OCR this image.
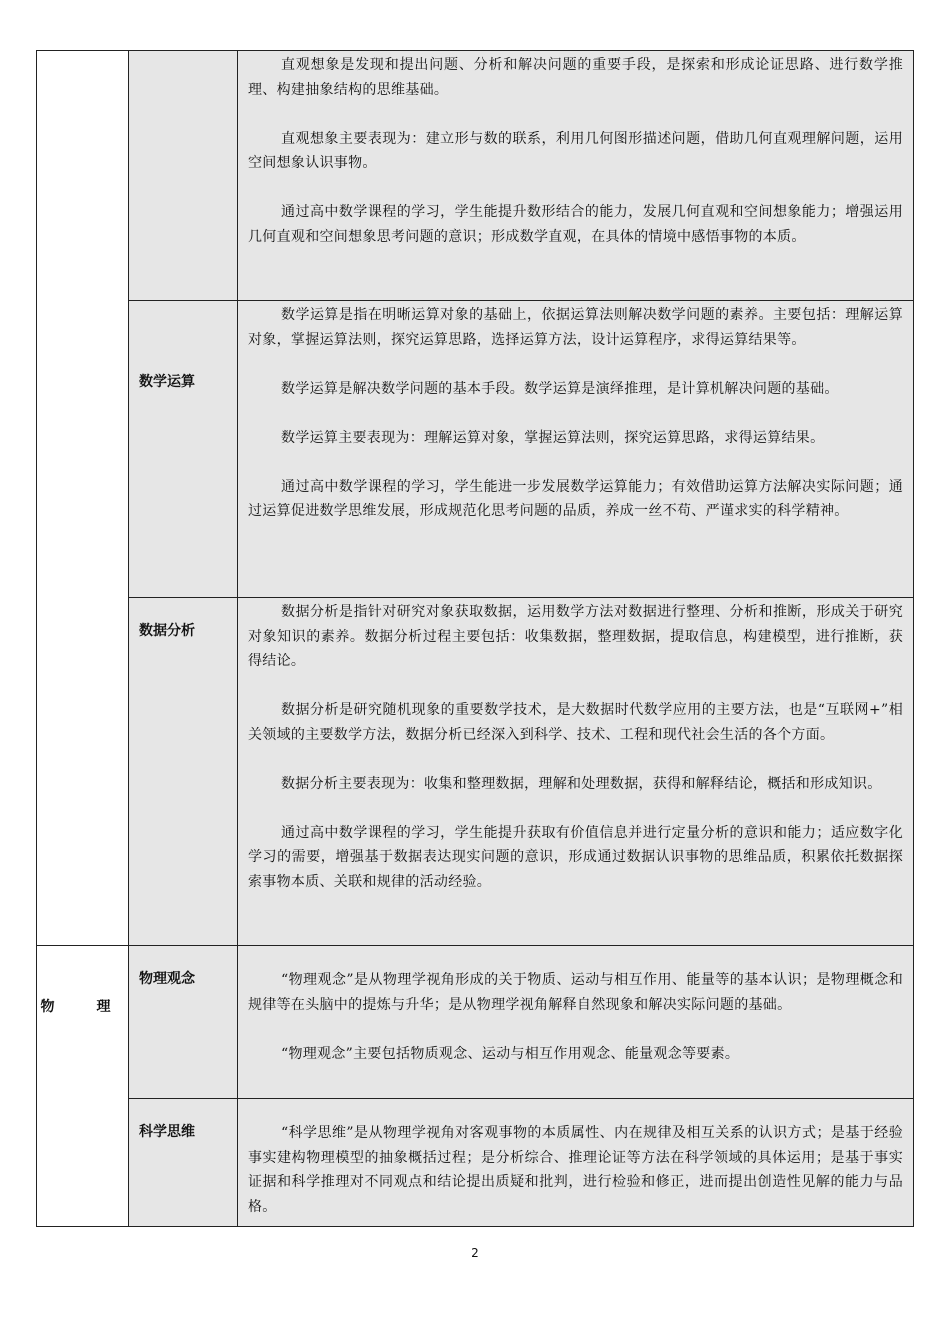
		直观想象是发现和提出问题、分析和解决问题的重要手段，是探索和形成论证思路、进行数学推理、构建抽象结构的思维基础。

直观想象主要表现为：建立形与数的联系，利用几何图形描述问题，借助几何直观理解问题，运用空间想象认识事物。

通过高中数学课程的学习，学生能提升数形结合的能力，发展几何直观和空间想象能力；增强运用几何直观和空间想象思考问题的意识；形成数学直观，在具体的情境中感悟事物的本质。

	数学运算	数学运算是指在明晰运算对象的基础上，依据运算法则解决数学问题的素养。主要包括：理解运算对象，掌握运算法则，探究运算思路，选择运算方法，设计运算程序，求得运算结果等。

数学运算是解决数学问题的基本手段。数学运算是演绎推理，是计算机解决问题的基础。

数学运算主要表现为：理解运算对象，掌握运算法则，探究运算思路，求得运算结果。

通过高中数学课程的学习，学生能进一步发展数学运算能力；有效借助运算方法解决实际问题；通过运算促进数学思维发展，形成规范化思考问题的品质，养成一丝不苟、严谨求实的科学精神。

	数据分析	数据分析是指针对研究对象获取数据，运用数学方法对数据进行整理、分析和推断，形成关于研究对象知识的素养。数据分析过程主要包括：收集数据，整理数据，提取信息，构建模型，进行推断，获得结论。

数据分析是研究随机现象的重要数学技术，是大数据时代数学应用的主要方法，也是“互联网+”相关领域的主要数学方法，数据分析已经深入到科学、技术、工程和现代社会生活的各个方面。

数据分析主要表现为：收集和整理数据，理解和处理数据，获得和解释结论，概括和形成知识。

通过高中数学课程的学习，学生能提升获取有价值信息并进行定量分析的意识和能力；适应数字化学习的需要，增强基于数据表达现实问题的意识，形成通过数据认识事物的思维品质，积累依托数据探索事物本质、关联和规律的活动经验。

物　理	物理观念	“物理观念”是从物理学视角形成的关于物质、运动与相互作用、能量等的基本认识；是物理概念和规律等在头脑中的提炼与升华；是从物理学视角解释自然现象和解决实际问题的基础。

“物理观念”主要包括物质观念、运动与相互作用观念、能量观念等要素。

	科学思维	“科学思维”是从物理学视角对客观事物的本质属性、内在规律及相互关系的认识方式；是基于经验事实建构物理模型的抽象概括过程；是分析综合、推理论证等方法在科学领域的具体运用；是基于事实证据和科学推理对不同观点和结论提出质疑和批判，进行检验和修正，进而提出创造性见解的能力与品格。

2
